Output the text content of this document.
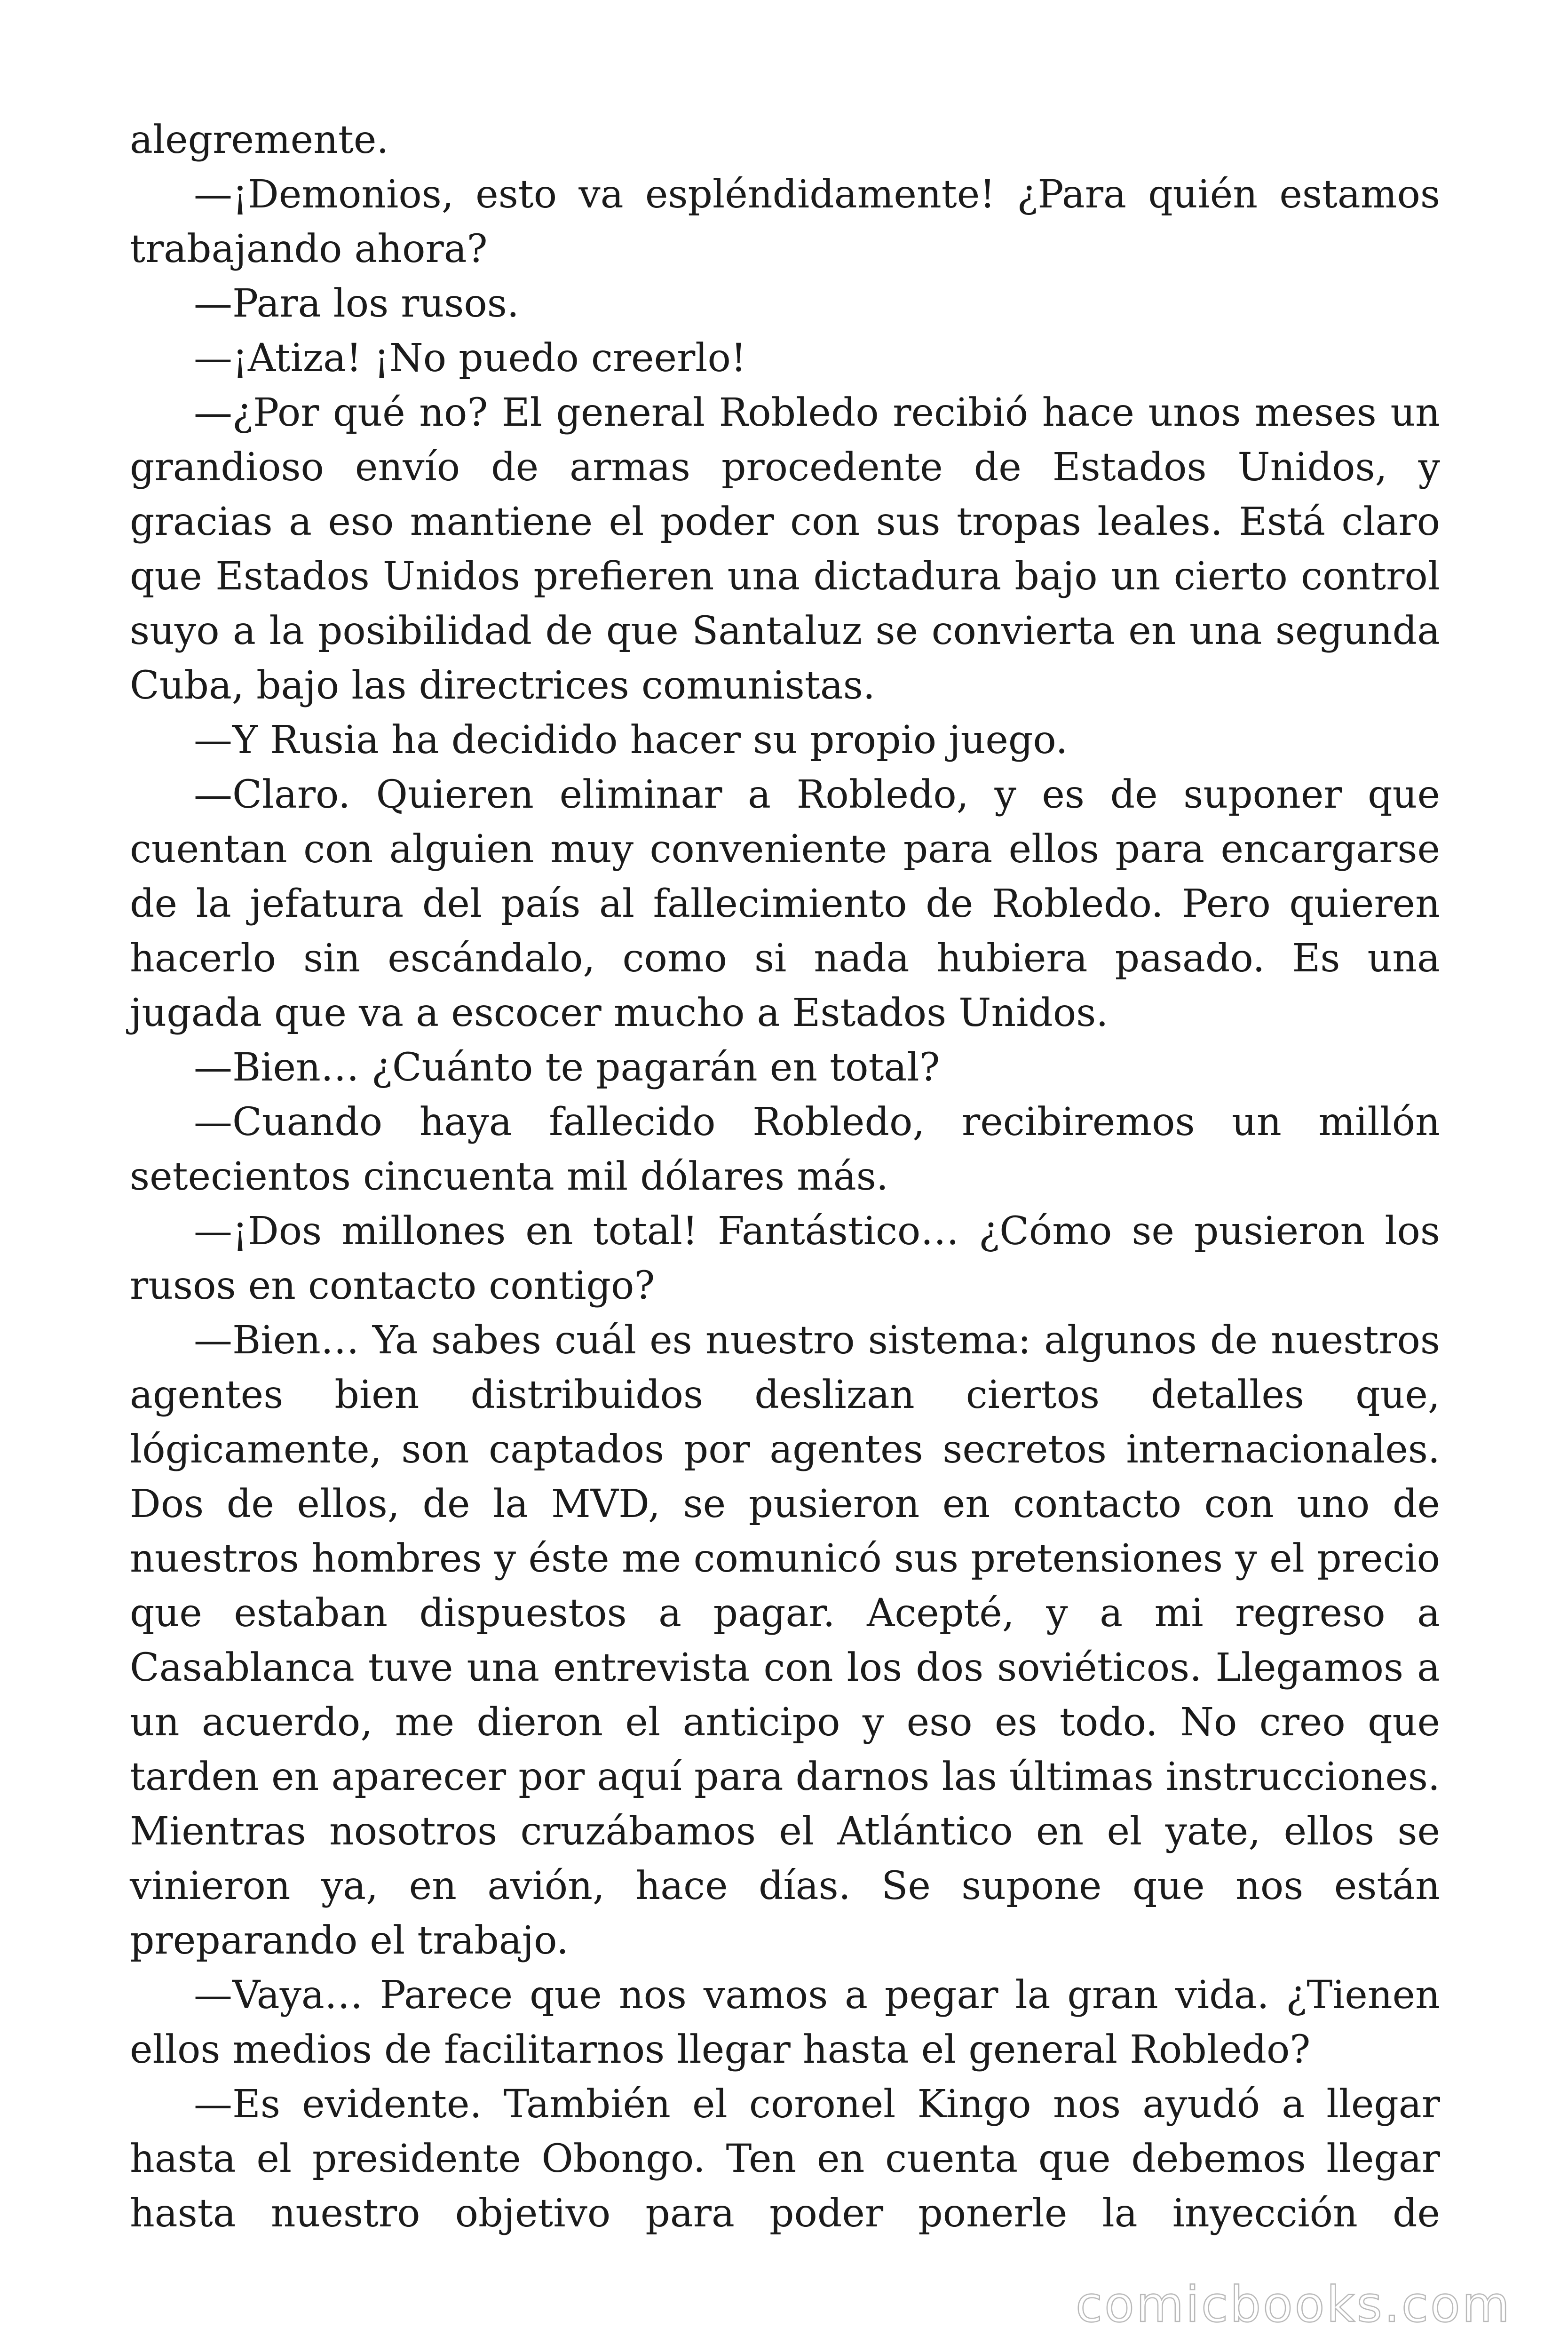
alegremente.

—¡Demonios, esto va espléndidamente! ¿Para quién estamos trabajando ahora?

—Para los rusos.

—¡Atiza! ¡No puedo creerlo!

—¿Por qué no? El general Robledo recibió hace unos meses un grandioso envío de armas procedente de Estados Unidos, y gracias a eso mantiene el poder con sus tropas leales. Está claro que Estados Unidos prefieren una dictadura bajo un cierto control suyo a la posibilidad de que Santaluz se convierta en una segunda Cuba, bajo las directrices comunistas.

—Y Rusia ha decidido hacer su propio juego.

—Claro. Quieren eliminar a Robledo, y es de suponer que cuentan con alguien muy conveniente para ellos para encargarse de la jefatura del país al fallecimiento de Robledo. Pero quieren hacerlo sin escándalo, como si nada hubiera pasado. Es una jugada que va a escocer mucho a Estados Unidos.

—Bien… ¿Cuánto te pagarán en total?

—Cuando haya fallecido Robledo, recibiremos un millón setecientos cincuenta mil dólares más.

—¡Dos millones en total! Fantástico… ¿Cómo se pusieron los rusos en contacto contigo?

—Bien… Ya sabes cuál es nuestro sistema: algunos de nuestros agentes bien distribuidos deslizan ciertos detalles que, lógicamente, son captados por agentes secretos internacionales. Dos de ellos, de la MVD, se pusieron en contacto con uno de nuestros hombres y éste me comunicó sus pretensiones y el precio que estaban dispuestos a pagar. Acepté, y a mi regreso a Casablanca tuve una entrevista con los dos soviéticos. Llegamos a un acuerdo, me dieron el anticipo y eso es todo. No creo que tarden en aparecer por aquí para darnos las últimas instrucciones. Mientras nosotros cruzábamos el Atlántico en el yate, ellos se vinieron ya, en avión, hace días. Se supone que nos están preparando el trabajo.

—Vaya… Parece que nos vamos a pegar la gran vida. ¿Tienen ellos medios de facilitarnos llegar hasta el general Robledo?

—Es evidente. También el coronel Kingo nos ayudó a llegar hasta el presidente Obongo. Ten en cuenta que debemos llegar hasta nuestro objetivo para poder ponerle la inyección de

comicbooks.com
